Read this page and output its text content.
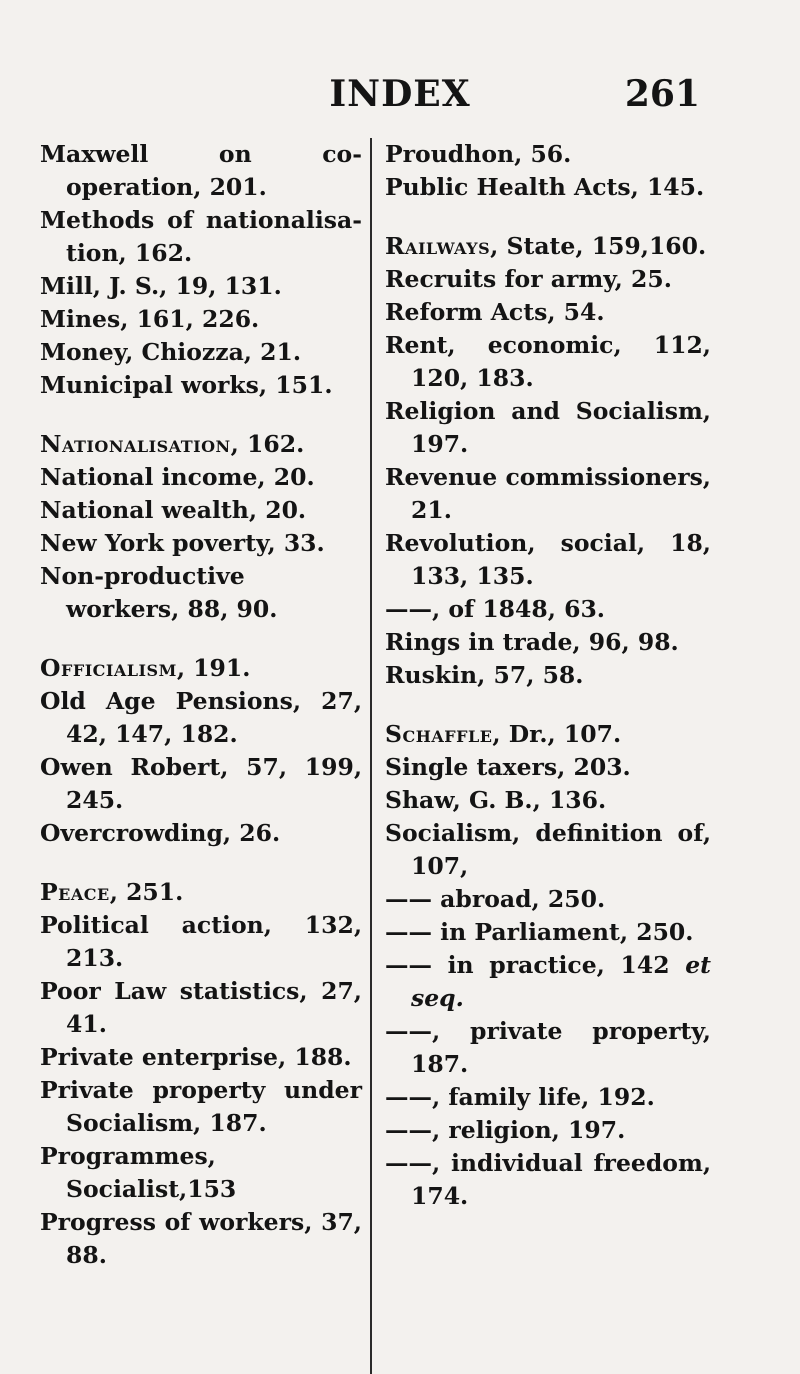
INDEX	261

Maxwell on co-operation, 201.

Methods of nationalisa-tion, 162.

Mill, J. S., 19, 131.

Mines, 161, 226.

Money, Chiozza, 21.

Municipal works, 151.

Nationalisation, 162.

National income, 20.

National wealth, 20.

New York poverty, 33.

Non-productive workers, 88, 90.

Officialism, 191.

Old Age Pensions, 27, 42, 147, 182.

Owen Robert, 57, 199, 245.

Overcrowding, 26.

Peace, 251.

Political action, 132, 213.

Poor Law statistics, 27, 41.

Private enterprise, 188.

Private property under Socialism, 187.

Programmes, Socialist,153

Progress of workers, 37, 88.

Proudhon, 56.

Public Health Acts, 145.

Railways, State, 159,160.

Recruits for army, 25.

Reform Acts, 54.

Rent, economic, 112, 120, 183.

Religion and Socialism, 197.

Revenue commissioners, 21.

Revolution, social, 18, 133, 135.

——, of 1848, 63.

Rings in trade, 96, 98.

Ruskin, 57, 58.

Schaffle, Dr., 107.

Single taxers, 203.

Shaw, G. B., 136.

Socialism, definition of, 107,

—— abroad, 250.

—— in Parliament, 250.

—— in practice, 142 et seq.

——, private property, 187.

——, family life, 192.

——, religion, 197.

——, individual freedom, 174.
